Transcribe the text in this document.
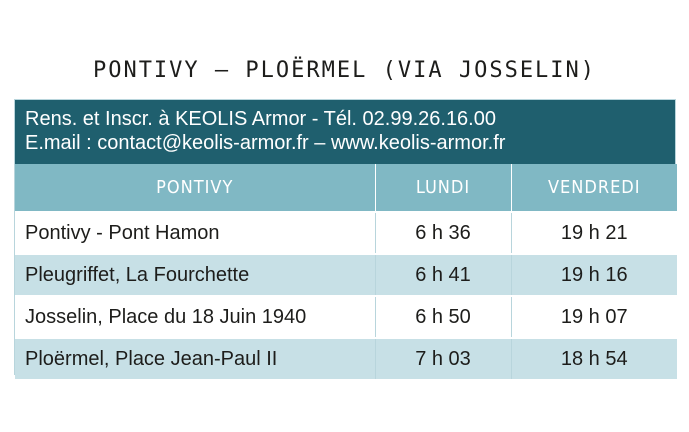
PONTIVY — PLOËRMEL (VIA JOSSELIN)
Rens. et Inscr. à KEOLIS Armor - Tél. 02.99.26.16.00
E.mail : contact@keolis-armor.fr – www.keolis-armor.fr
PONTIVY	LUNDI	VENDREDI
Pontivy - Pont Hamon	6 h 36	19 h 21
Pleugriffet, La Fourchette	6 h 41	19 h 16
Josselin, Place du 18 Juin 1940	6 h 50	19 h 07
Ploërmel, Place Jean-Paul II	7 h 03	18 h 54
